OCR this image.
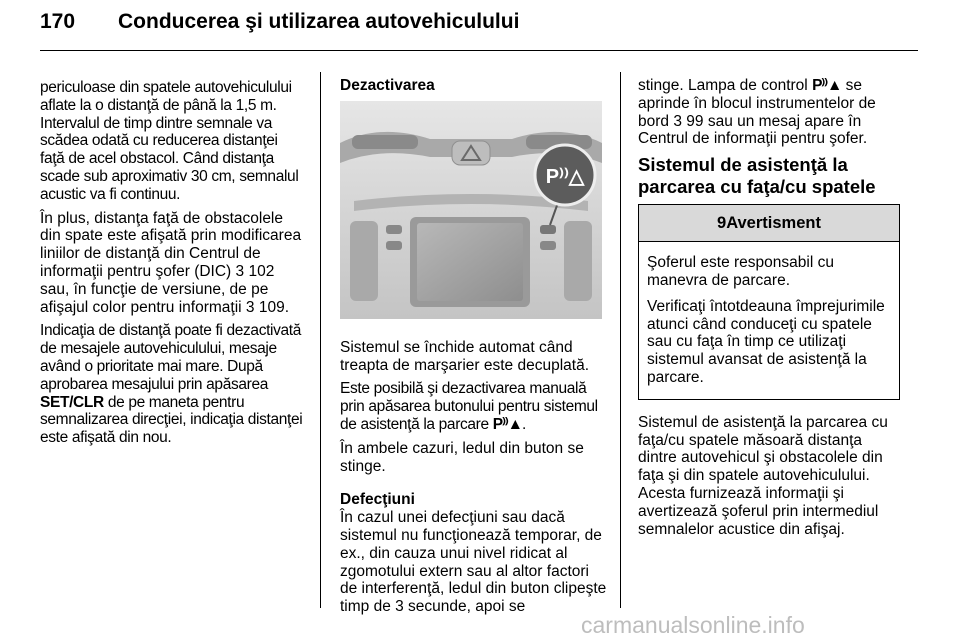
170 Conducerea şi utilizarea autovehiculului

periculoase din spatele autovehiculului aflate la o distanţă de până la 1,5 m. Intervalul de timp dintre semnale va scădea odată cu reducerea distanţei faţă de acel obstacol. Când distanţa scade sub aproximativ 30 cm, semnalul acustic va fi continuu.

În plus, distanţa faţă de obstacolele din spate este afişată prin modificarea liniilor de distanţă din Centrul de informaţii pentru şofer (DIC) 3 102 sau, în funcţie de versiune, de pe afişajul color pentru informaţii 3 109.

Indicaţia de distanţă poate fi dezactivată de mesajele autovehiculului, mesaje având o prioritate mai mare. După aprobarea mesajului prin apăsarea SET/CLR de pe maneta pentru semnalizarea direcţiei, indicaţia distanţei este afişată din nou.

Dezactivarea

P⁾⁾△

Sistemul se închide automat când treapta de marşarier este decuplată.

Este posibilă şi dezactivarea manuală prin apăsarea butonului pentru sistemul de asistenţă la parcare P⁾⁾▲.

În ambele cazuri, ledul din buton se stinge.

Defecţiuni

În cazul unei defecţiuni sau dacă sistemul nu funcţionează temporar, de ex., din cauza unui nivel ridicat al zgomotului extern sau al altor factori de interferenţă, ledul din buton clipeşte timp de 3 secunde, apoi se

stinge. Lampa de control P⁾⁾▲ se aprinde în blocul instrumentelor de bord 3 99 sau un mesaj apare în Centrul de informaţii pentru şofer.

Sistemul de asistenţă la parcarea cu faţa/cu spatele

9Avertisment

Şoferul este responsabil cu manevra de parcare.

Verificaţi întotdeauna împrejurimile atunci când conduceţi cu spatele sau cu faţa în timp ce utilizaţi sistemul avansat de asistenţă la parcare.

Sistemul de asistenţă la parcarea cu faţa/cu spatele măsoară distanţa dintre autovehicul şi obstacolele din faţa şi din spatele autovehiculului. Acesta furnizează informaţii şi avertizează şoferul prin intermediul semnalelor acustice din afişaj.

carmanualsonline.info
